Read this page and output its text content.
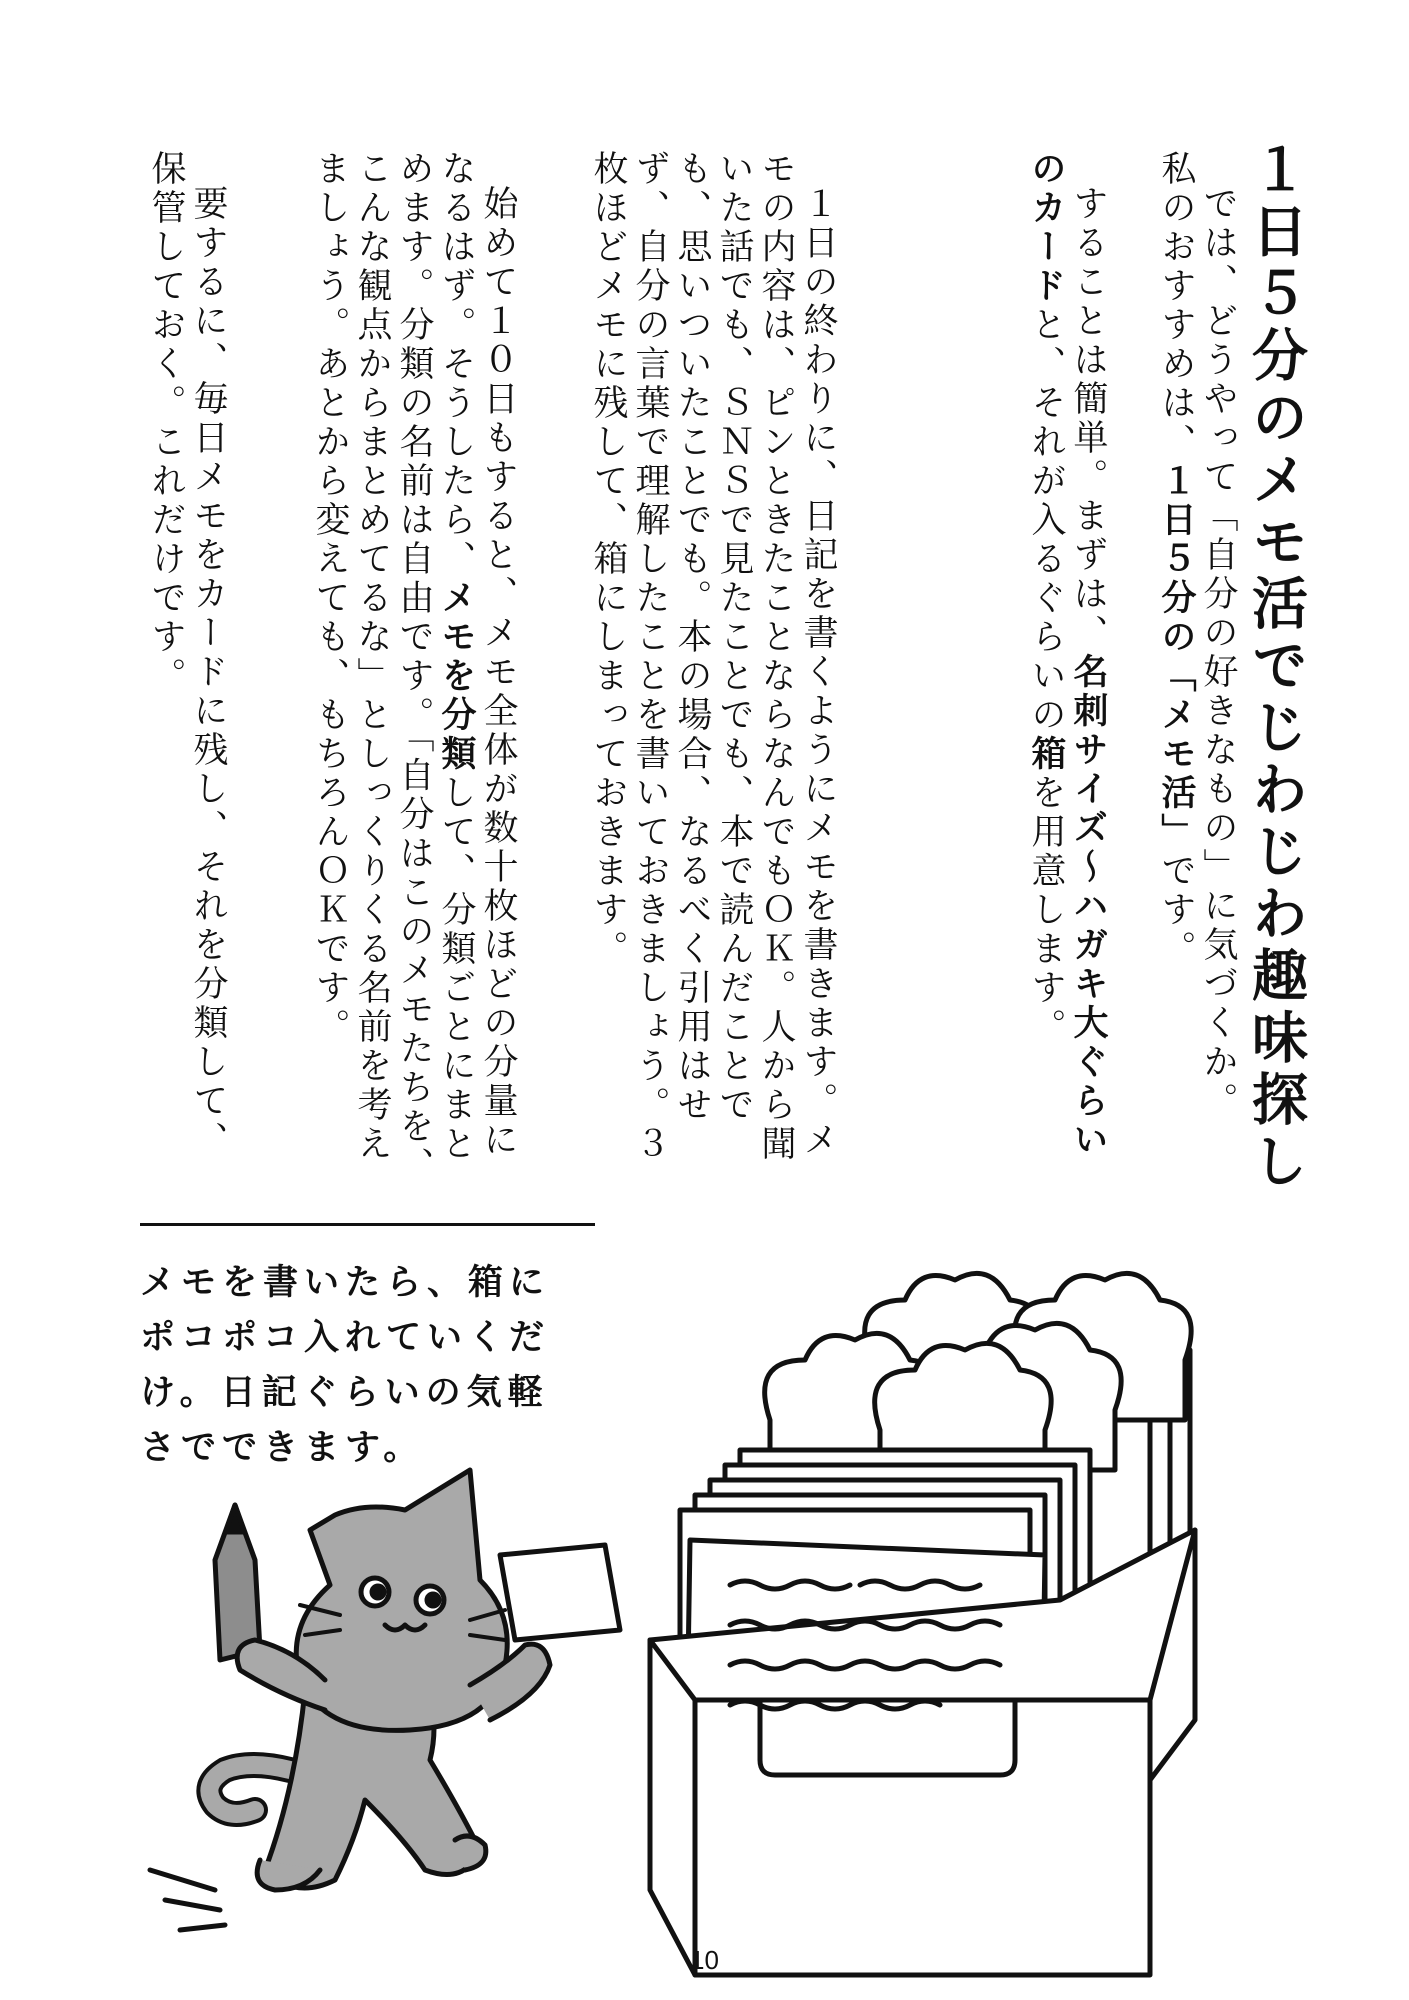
１日５分のメモ活でじわじわ趣味探し

では、どうやって「自分の好きなもの」に気づくか。

私のおすすめは、１日５分の「メモ活」です。

することは簡単。まずは、名刺サイズ～ハガキ大ぐらいのカードと、それが入るぐらいの箱を用意します。

１日の終わりに、日記を書くようにメモを書きます。メモの内容は、ピンときたことならなんでもＯＫ。人から聞いた話でも、ＳＮＳで見たことでも、本で読んだことでも、思いついたことでも。本の場合、なるべく引用はせず、自分の言葉で理解したことを書いておきましょう。３枚ほどメモに残して、箱にしまっておきます。

始めて１０日もすると、メモ全体が数十枚ほどの分量になるはず。そうしたら、メモを分類して、分類ごとにまとめます。分類の名前は自由です。「自分はこのメモたちを、こんな観点からまとめてるな」としっくりくる名前を考えましょう。あとから変えても、もちろんＯＫです。

要するに、毎日メモをカードに残し、それを分類して、保管しておく。これだけです。

メモを書いたら、箱に
ポコポコ入れていくだ
け。日記ぐらいの気軽
さでできます。
10
